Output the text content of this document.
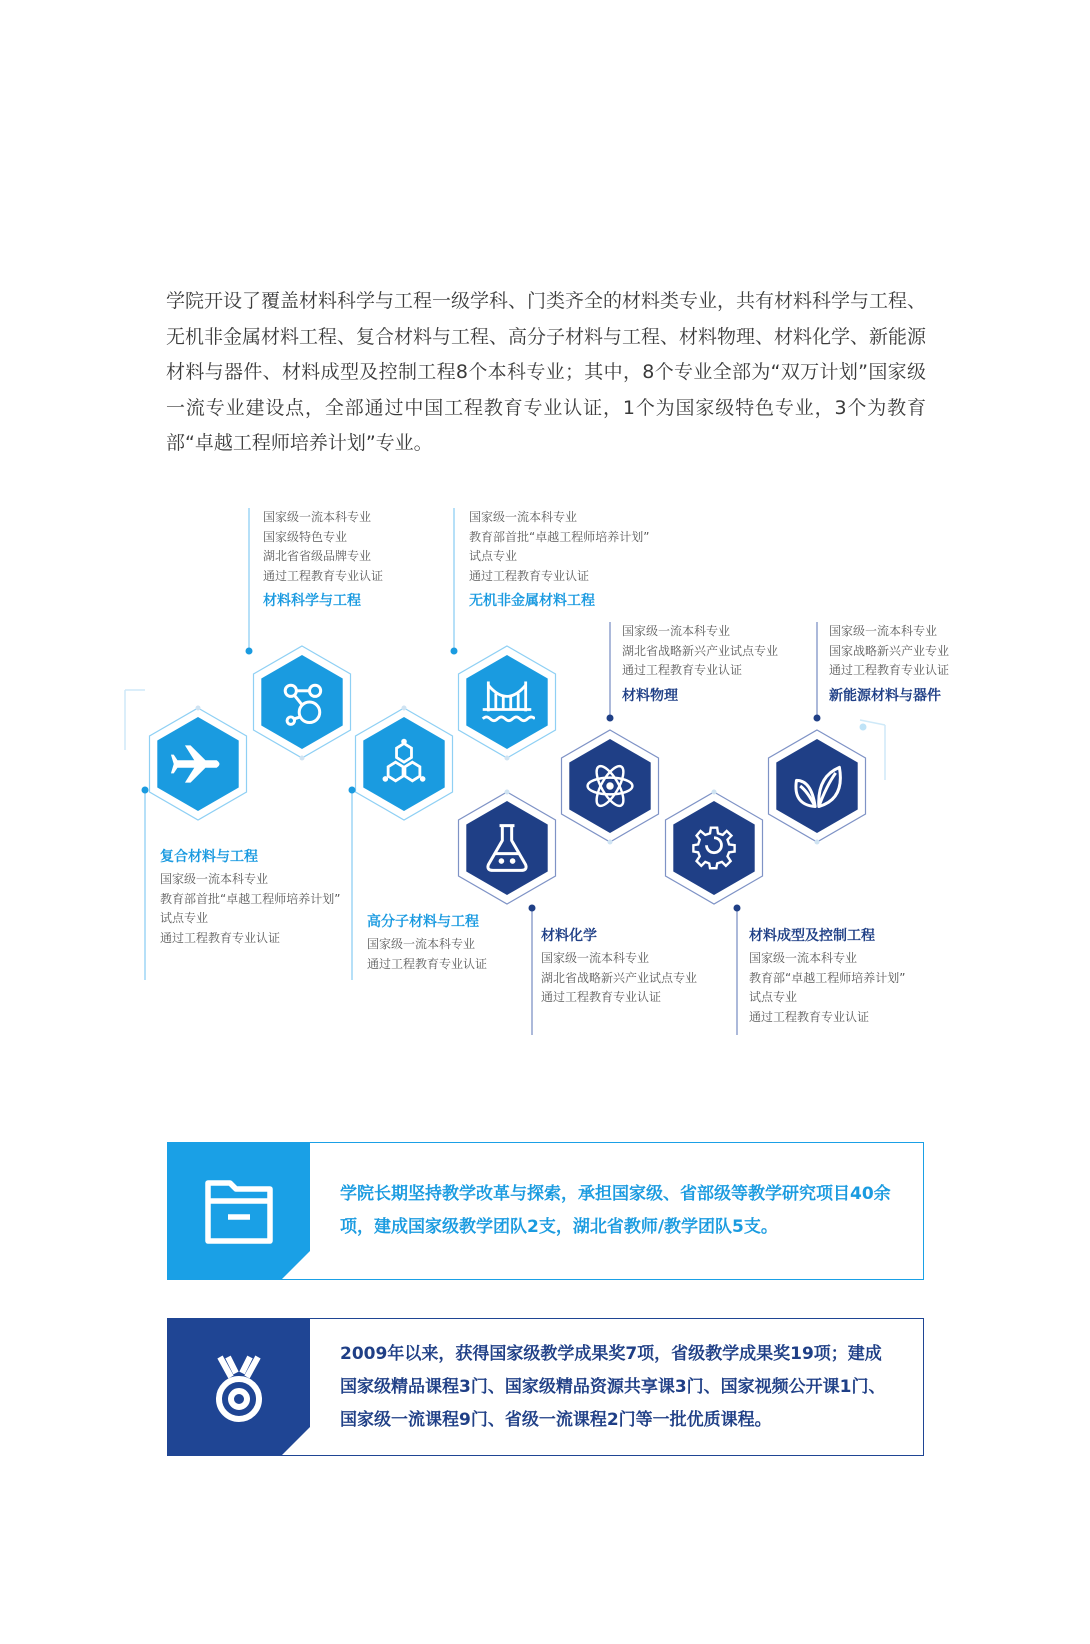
学院开设了覆盖材料科学与工程一级学科、门类齐全的材料类专业，共有材料科学与工程、无机非金属材料工程、复合材料与工程、高分子材料与工程、材料物理、材料化学、新能源材料与器件、材料成型及控制工程8个本科专业；其中，8个专业全部为“双万计划”国家级一流专业建设点，全部通过中国工程教育专业认证，1个为国家级特色专业，3个为教育部“卓越工程师培养计划”专业。

复合材料与工程
国家级一流本科专业
教育部首批“卓越工程师培养计划”
试点专业
通过工程教育专业认证
国家级一流本科专业
国家级特色专业
湖北省省级品牌专业
通过工程教育专业认证
材料科学与工程
高分子材料与工程
国家级一流本科专业
通过工程教育专业认证
国家级一流本科专业
教育部首批“卓越工程师培养计划”
试点专业
通过工程教育专业认证
无机非金属材料工程
材料化学
国家级一流本科专业
湖北省战略新兴产业试点专业
通过工程教育专业认证
国家级一流本科专业
湖北省战略新兴产业试点专业
通过工程教育专业认证
材料物理
材料成型及控制工程
国家级一流本科专业
教育部“卓越工程师培养计划”
试点专业
通过工程教育专业认证
国家级一流本科专业
国家战略新兴产业专业
通过工程教育专业认证
新能源材料与器件
学院长期坚持教学改革与探索，承担国家级、省部级等教学研究项目40余项，建成国家级教学团队2支，湖北省教师/教学团队5支。
2009年以来，获得国家级教学成果奖7项，省级教学成果奖19项；建成国家级精品课程3门、国家级精品资源共享课3门、国家视频公开课1门、国家级一流课程9门、省级一流课程2门等一批优质课程。
